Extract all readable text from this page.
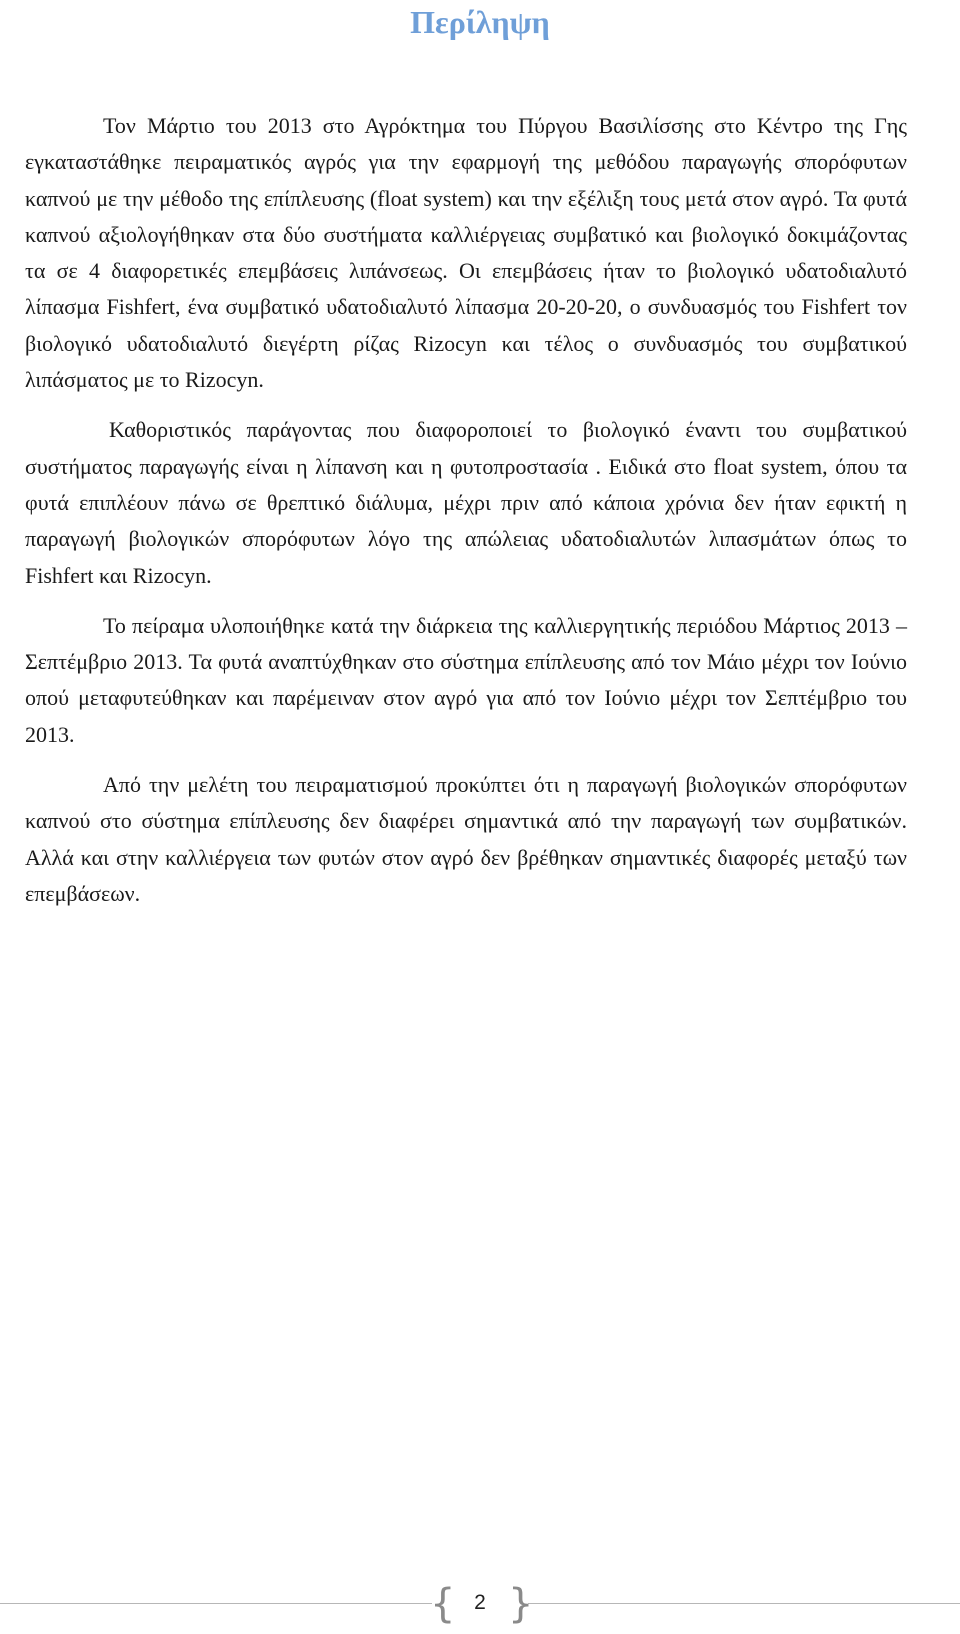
Περίληψη

Τον Μάρτιο του 2013 στο Αγρόκτημα του Πύργου Βασιλίσσης στο Κέντρο της Γης εγκαταστάθηκε πειραματικός αγρός για την εφαρμογή της μεθόδου παραγωγής σπορόφυτων καπνού με την μέθοδο της επίπλευσης (float system) και την εξέλιξη τους μετά στον αγρό. Τα φυτά καπνού αξιολογήθηκαν στα δύο συστήματα καλλιέργειας συμβατικό και βιολογικό δοκιμάζοντας τα σε 4 διαφορετικές επεμβάσεις λιπάνσεως. Οι επεμβάσεις ήταν το βιολογικό υδατοδιαλυτό λίπασμα Fishfert, ένα συμβατικό υδατοδιαλυτό λίπασμα 20-20-20, ο συνδυασμός του Fishfert τον βιολογικό υδατοδιαλυτό διεγέρτη ρίζας Rizocyn και τέλος ο συνδυασμός του συμβατικού λιπάσματος με το Rizocyn.

Καθοριστικός παράγοντας που διαφοροποιεί το βιολογικό έναντι του συμβατικού συστήματος παραγωγής είναι η λίπανση και η φυτοπροστασία . Ειδικά στο float system, όπου τα φυτά επιπλέουν πάνω σε θρεπτικό διάλυμα, μέχρι πριν από κάποια χρόνια δεν ήταν εφικτή η παραγωγή βιολογικών σπορόφυτων λόγο της απώλειας υδατοδιαλυτών λιπασμάτων όπως το Fishfert και Rizocyn.

Το πείραμα υλοποιήθηκε κατά την διάρκεια της καλλιεργητικής περιόδου Μάρτιος 2013 – Σεπτέμβριο 2013. Τα φυτά αναπτύχθηκαν στο σύστημα επίπλευσης από τον Μάιο μέχρι τον Ιούνιο οπού μεταφυτεύθηκαν και παρέμειναν στον αγρό για από τον Ιούνιο μέχρι τον Σεπτέμβριο του 2013.

Από την μελέτη του πειραματισμού προκύπτει ότι η παραγωγή βιολογικών σπορόφυτων καπνού στο σύστημα επίπλευσης δεν διαφέρει σημαντικά από την παραγωγή των συμβατικών. Αλλά και στην καλλιέργεια των φυτών στον αγρό δεν βρέθηκαν σημαντικές διαφορές μεταξύ των επεμβάσεων.

{ 2 }
